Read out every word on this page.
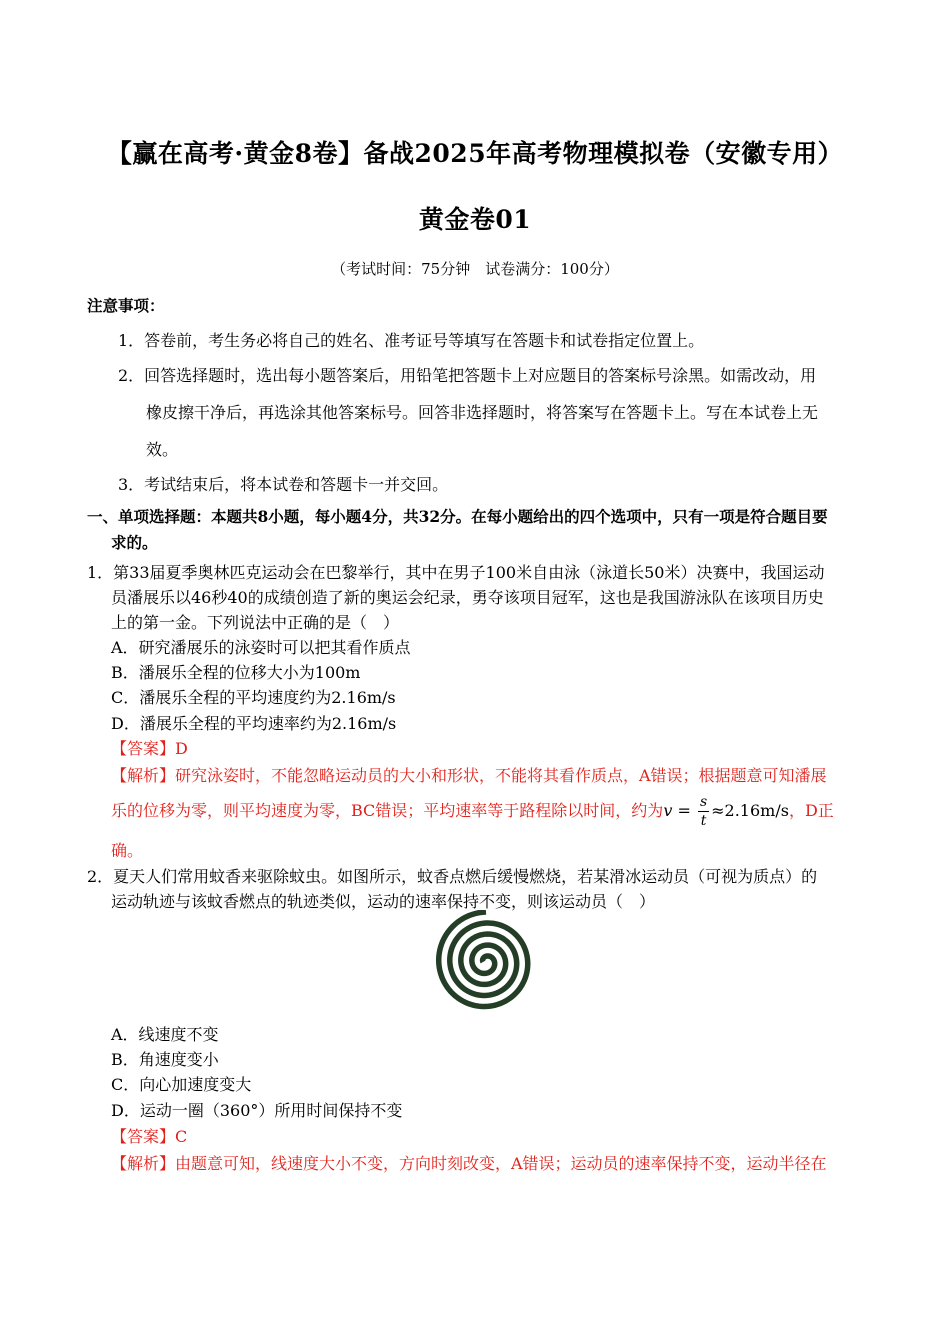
【赢在高考·黄金8卷】备战2025年高考物理模拟卷（安徽专用）
黄金卷01
（考试时间：75分钟　试卷满分：100分）
注意事项：
1．答卷前，考生务必将自己的姓名、准考证号等填写在答题卡和试卷指定位置上。
2．回答选择题时，选出每小题答案后，用铅笔把答题卡上对应题目的答案标号涂黑。如需改动，用
橡皮擦干净后，再选涂其他答案标号。回答非选择题时，将答案写在答题卡上。写在本试卷上无
效。
3．考试结束后，将本试卷和答题卡一并交回。
一、单项选择题：本题共8小题，每小题4分，共32分。在每小题给出的四个选项中，只有一项是符合题目要
求的。
1．第33届夏季奥林匹克运动会在巴黎举行，其中在男子100米自由泳（泳道长50米）决赛中，我国运动
员潘展乐以46秒40的成绩创造了新的奥运会纪录，勇夺该项目冠军，这也是我国游泳队在该项目历史
上的第一金。下列说法中正确的是（　）
A．研究潘展乐的泳姿时可以把其看作质点
B．潘展乐全程的位移大小为100m
C．潘展乐全程的平均速度约为2.16m/s
D．潘展乐全程的平均速率约为2.16m/s
【答案】D
【解析】研究泳姿时，不能忽略运动员的大小和形状，不能将其看作质点，A错误；根据题意可知潘展
乐的位移为零，则平均速度为零，BC错误；平均速率等于路程除以时间，约为$v = \frac{s}{t} \approx 2.16m/s$，D正
确。
2．夏天人们常用蚊香来驱除蚊虫。如图所示，蚊香点燃后缓慢燃烧，若某滑冰运动员（可视为质点）的
运动轨迹与该蚊香燃点的轨迹类似，运动的速率保持不变，则该运动员（　）
A．线速度不变
B．角速度变小
C．向心加速度变大
D．运动一圈（360°）所用时间保持不变
【答案】C
【解析】由题意可知，线速度大小不变，方向时刻改变，A错误；运动员的速率保持不变，运动半径在
